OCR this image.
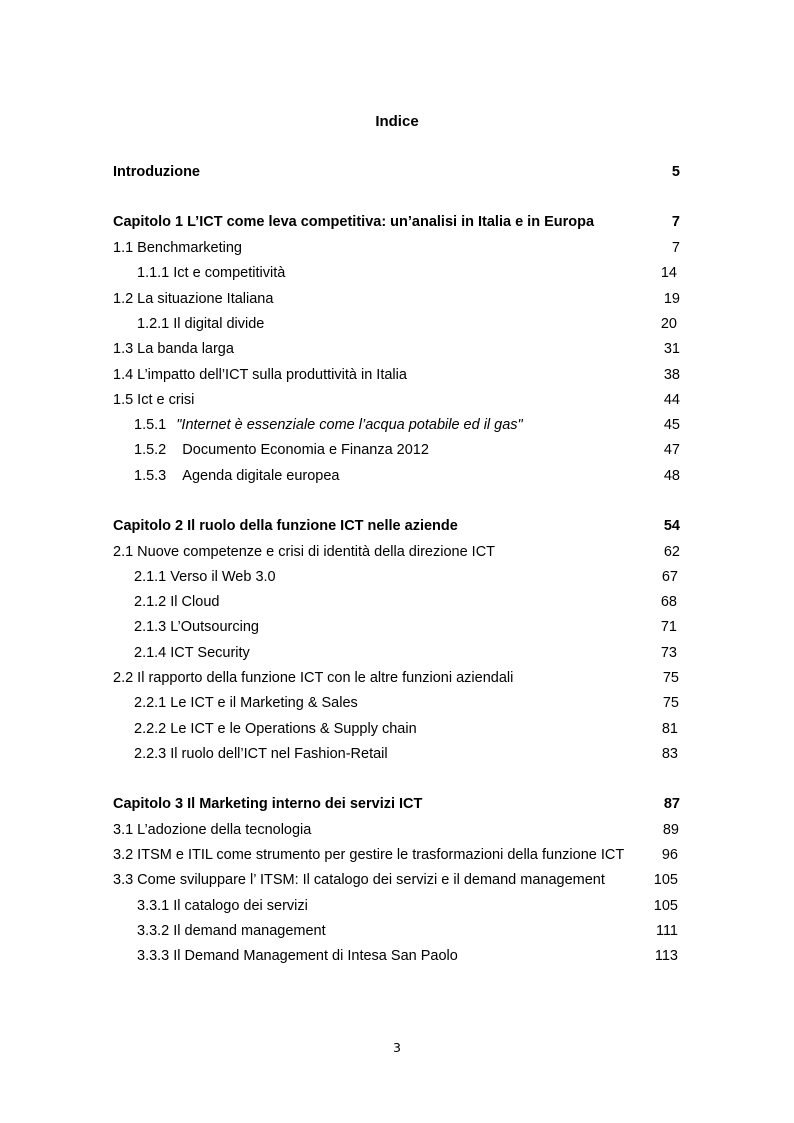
Indice
Introduzione	5
Capitolo 1 L’ICT come leva competitiva: un’analisi in Italia e in Europa	7
1.1 Benchmarketing	7
1.1.1 Ict e competitività	14
1.2 La situazione Italiana	19
1.2.1 Il digital divide	20
1.3 La banda larga	31
1.4 L’impatto dell’ICT sulla produttività in Italia	38
1.5 Ict e crisi	44
1.5.1 "Internet è essenziale come l’acqua potabile ed il gas"	45
1.5.2 Documento Economia e Finanza 2012	47
1.5.3 Agenda digitale europea	48
Capitolo 2 Il ruolo della funzione ICT nelle aziende	54
2.1 Nuove competenze e crisi di identità della direzione ICT	62
2.1.1 Verso il Web 3.0	67
2.1.2 Il Cloud	68
2.1.3 L’Outsourcing	71
2.1.4 ICT Security	73
2.2 Il rapporto della funzione ICT con le altre funzioni aziendali	75
2.2.1 Le ICT e il Marketing & Sales	75
2.2.2 Le ICT e le Operations & Supply chain	81
2.2.3 Il ruolo dell’ICT nel Fashion-Retail	83
Capitolo 3 Il Marketing interno dei servizi ICT	87
3.1 L’adozione della tecnologia	89
3.2 ITSM e ITIL come strumento per gestire le trasformazioni della funzione ICT	96
3.3 Come sviluppare l’ ITSM: Il catalogo dei servizi e il demand management	105
3.3.1 Il catalogo dei servizi	105
3.3.2 Il demand management	111
3.3.3 Il Demand Management di Intesa San Paolo	113
3
